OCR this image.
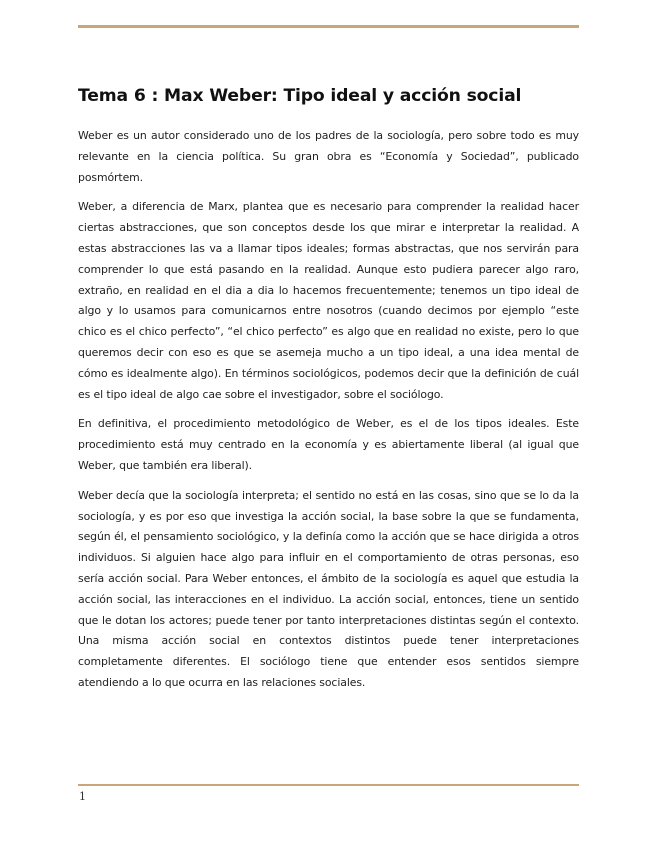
Tema 6 : Max Weber: Tipo ideal y acción social

Weber es un autor considerado uno de los padres de la sociología, pero sobre todo es muy relevante en la ciencia política. Su gran obra es “Economía y Sociedad”, publicado posmórtem.

Weber, a diferencia de Marx, plantea que es necesario para comprender la realidad hacer ciertas abstracciones, que son conceptos desde los que mirar e interpretar la realidad. A estas abstracciones las va a llamar tipos ideales; formas abstractas, que nos servirán para comprender lo que está pasando en la realidad. Aunque esto pudiera parecer algo raro, extraño, en realidad en el dia a dia lo hacemos frecuentemente; tenemos un tipo ideal de algo y lo usamos para comunicarnos entre nosotros (cuando decimos por ejemplo “este chico es el chico perfecto”, “el chico perfecto” es algo que en realidad no existe, pero lo que queremos decir con eso es que se asemeja mucho a un tipo ideal, a una idea mental de cómo es idealmente algo). En términos sociológicos, podemos decir que la definición de cuál es el tipo ideal de algo cae sobre el investigador, sobre el sociólogo.

En definitiva, el procedimiento metodológico de Weber, es el de los tipos ideales. Este procedimiento está muy centrado en la economía y es abiertamente liberal (al igual que Weber, que también era liberal).

Weber decía que la sociología interpreta; el sentido no está en las cosas, sino que se lo da la sociología, y es por eso que investiga la acción social, la base sobre la que se fundamenta, según él, el pensamiento sociológico, y la definía como la acción que se hace dirigida a otros individuos. Si alguien hace algo para influir en el comportamiento de otras personas, eso sería acción social. Para Weber entonces, el ámbito de la sociología es aquel que estudia la acción social, las interacciones en el individuo. La acción social, entonces, tiene un sentido que le dotan los actores; puede tener por tanto interpretaciones distintas según el contexto. Una misma acción social en contextos distintos puede tener interpretaciones completamente diferentes. El sociólogo tiene que entender esos sentidos siempre atendiendo a lo que ocurra en las relaciones sociales.

1
